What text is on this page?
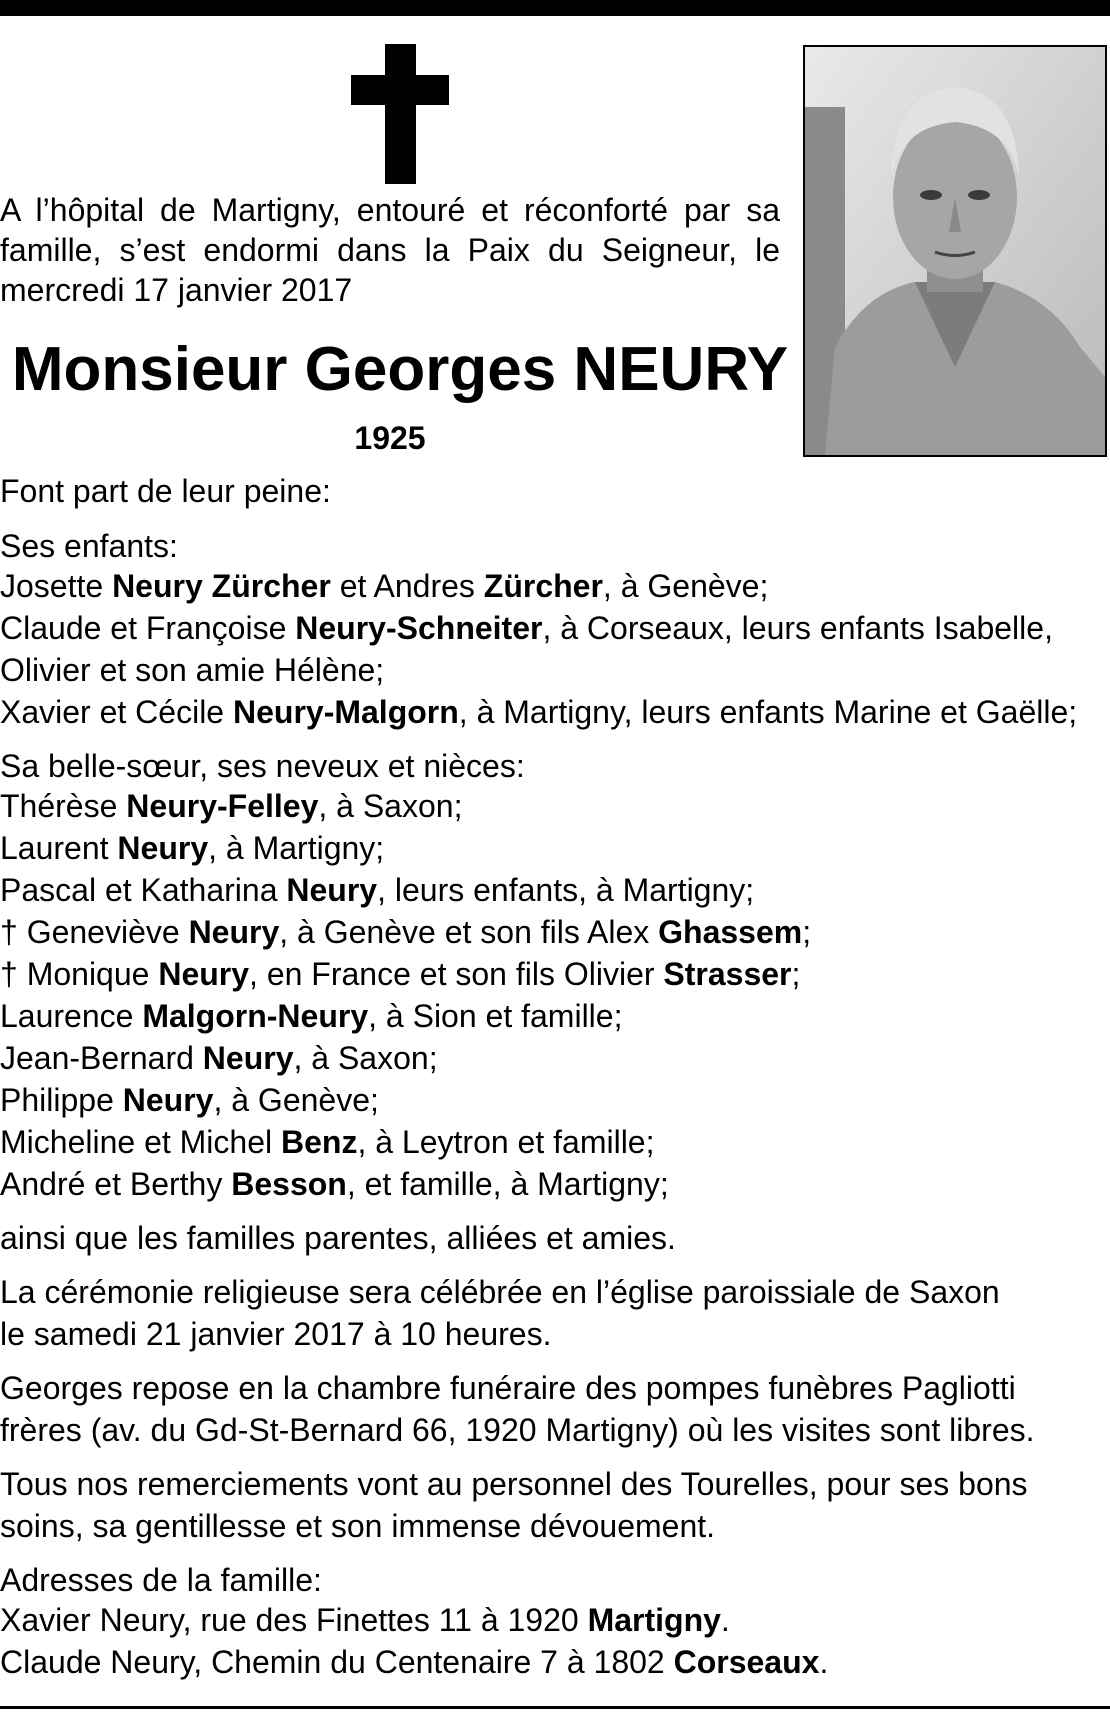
A l’hôpital de Martigny, entouré et réconforté par sa famille, s’est endormi dans la Paix du Seigneur, le mercredi 17 janvier 2017
Monsieur Georges NEURY
1925
Font part de leur peine:
Ses enfants:
Josette Neury Zürcher et Andres Zürcher, à Genève;
Claude et Françoise Neury-Schneiter, à Corseaux, leurs enfants Isabelle,
Olivier et son amie Hélène;
Xavier et Cécile Neury-Malgorn, à Martigny, leurs enfants Marine et Gaëlle;
Sa belle-sœur, ses neveux et nièces:
Thérèse Neury-Felley, à Saxon;
Laurent Neury, à Martigny;
Pascal et Katharina Neury, leurs enfants, à Martigny;
† Geneviève Neury, à Genève et son fils Alex Ghassem;
† Monique Neury, en France et son fils Olivier Strasser;
Laurence Malgorn-Neury, à Sion et famille;
Jean-Bernard Neury, à Saxon;
Philippe Neury, à Genève;
Micheline et Michel Benz, à Leytron et famille;
André et Berthy Besson, et famille, à Martigny;
ainsi que les familles parentes, alliées et amies.
La cérémonie religieuse sera célébrée en l’église paroissiale de Saxon
le samedi 21 janvier 2017 à 10 heures.
Georges repose en la chambre funéraire des pompes funèbres Pagliotti
frères (av. du Gd-St-Bernard 66, 1920 Martigny) où les visites sont libres.
Tous nos remerciements vont au personnel des Tourelles, pour ses bons
soins, sa gentillesse et son immense dévouement.
Adresses de la famille:
Xavier Neury, rue des Finettes 11 à 1920 Martigny.
Claude Neury, Chemin du Centenaire 7 à 1802 Corseaux.
